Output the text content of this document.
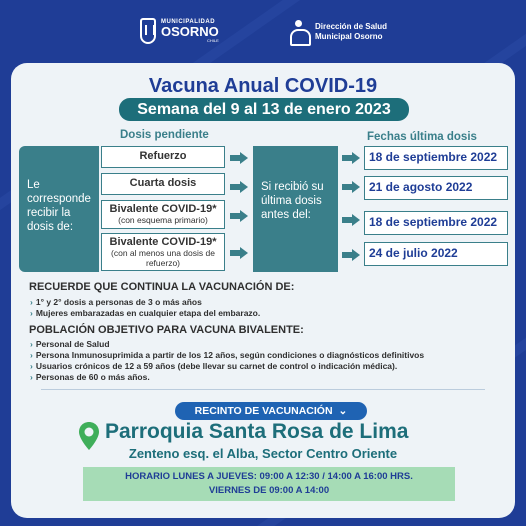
MUNICIPALIDAD
OSORNO
CHILE
Dirección de Salud
Municipal Osorno
Vacuna Anual COVID-19
Semana del 9 al 13 de enero 2023
Dosis pendiente	Fechas última dosis
Le
corresponde
recibir la
dosis de:
Refuerzo
Cuarta dosis
Bivalente COVID-19*
(con esquema primario)
Bivalente COVID-19*
(con al menos una dosis de refuerzo)
Si recibió su
última dosis
antes del:
18 de septiembre 2022
21 de agosto 2022
18 de septiembre 2022
24 de julio 2022
RECUERDE QUE CONTINUA LA VACUNACIÓN DE:
› 1° y 2° dosis a personas de 3 o más años
› Mujeres embarazadas en cualquier etapa del embarazo.
POBLACIÓN OBJETIVO PARA VACUNA BIVALENTE:
› Personal de Salud
› Persona Inmunosuprimida a partir de los 12 años, según condiciones o diagnósticos definitivos
› Usuarios crónicos de 12 a 59 años (debe llevar su carnet de control o indicación médica).
› Personas de 60 o más años.
RECINTO DE VACUNACIÓN ⌄
Parroquia Santa Rosa de Lima
Zenteno esq. el Alba, Sector Centro Oriente
HORARIO LUNES A JUEVES: 09:00 A 12:30 / 14:00 A 16:00 HRS.
VIERNES DE 09:00 A 14:00
